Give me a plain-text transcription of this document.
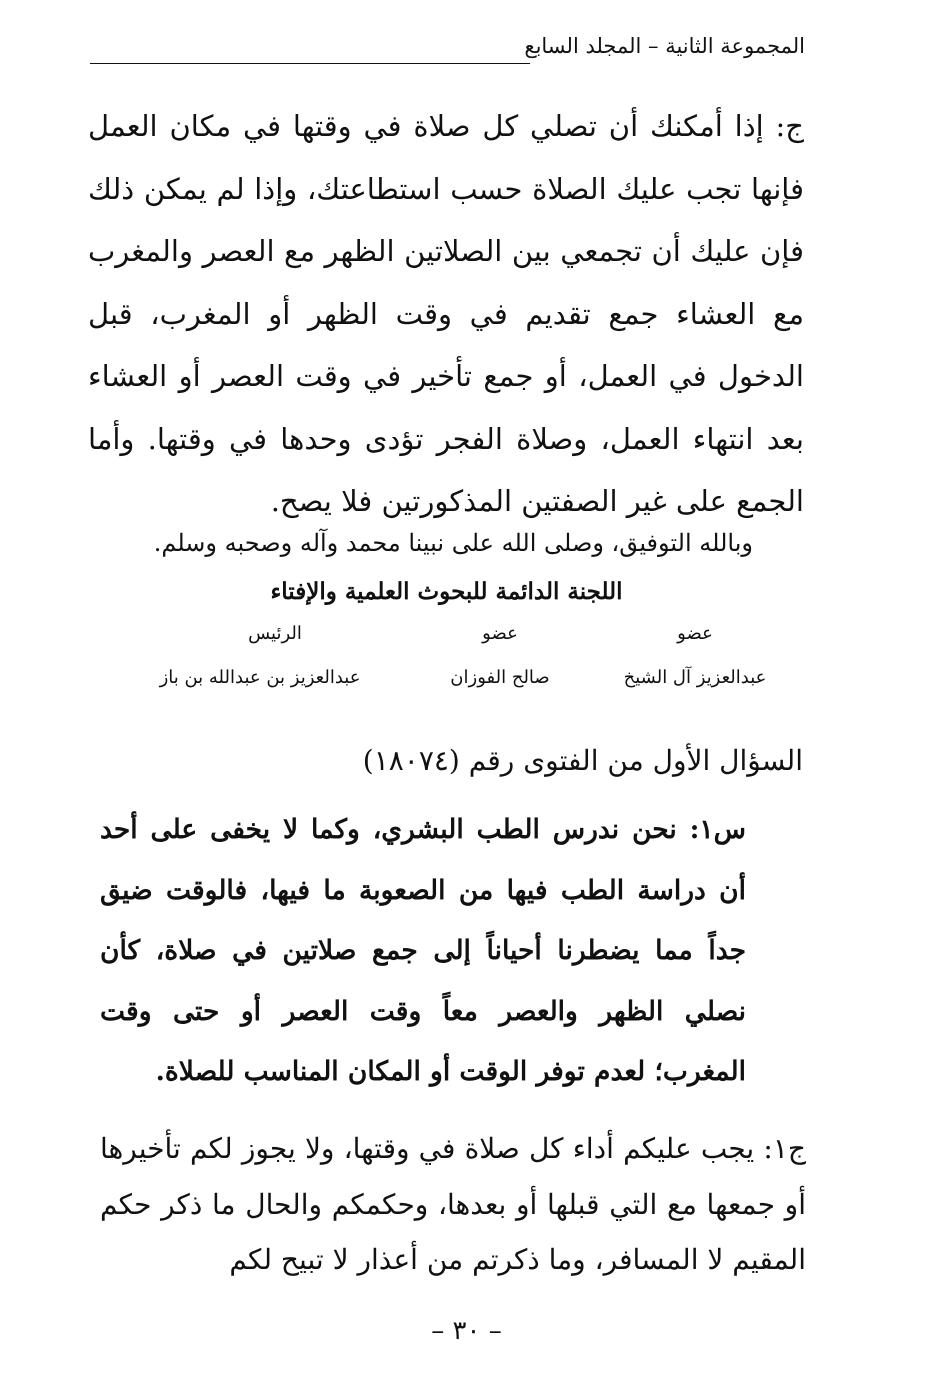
المجموعة الثانية – المجلد السابع
ج: إذا أمكنك أن تصلي كل صلاة في وقتها في مكان العمل فإنها تجب عليك الصلاة حسب استطاعتك، وإذا لم يمكن ذلك فإن عليك أن تجمعي بين الصلاتين الظهر مع العصر والمغرب مع العشاء جمع تقديم في وقت الظهر أو المغرب، قبل الدخول في العمل، أو جمع تأخير في وقت العصر أو العشاء بعد انتهاء العمل، وصلاة الفجر تؤدى وحدها في وقتها. وأما الجمع على غير الصفتين المذكورتين فلا يصح.
وبالله التوفيق، وصلى الله على نبينا محمد وآله وصحبه وسلم.
اللجنة الدائمة للبحوث العلمية والإفتاء
الرئيس	عضو	عضو
عبدالعزيز بن عبدالله بن باز	صالح الفوزان	عبدالعزيز آل الشيخ
السؤال الأول من الفتوى رقم (١٨٠٧٤)
س١: نحن ندرس الطب البشري، وكما لا يخفى على أحد أن دراسة الطب فيها من الصعوبة ما فيها، فالوقت ضيق جداً مما يضطرنا أحياناً إلى جمع صلاتين في صلاة، كأن نصلي الظهر والعصر معاً وقت العصر أو حتى وقت المغرب؛ لعدم توفر الوقت أو المكان المناسب للصلاة.
ج١: يجب عليكم أداء كل صلاة في وقتها، ولا يجوز لكم تأخيرها أو جمعها مع التي قبلها أو بعدها، وحكمكم والحال ما ذكر حكم المقيم لا المسافر، وما ذكرتم من أعذار لا تبيح لكم
– ٣٠ –
